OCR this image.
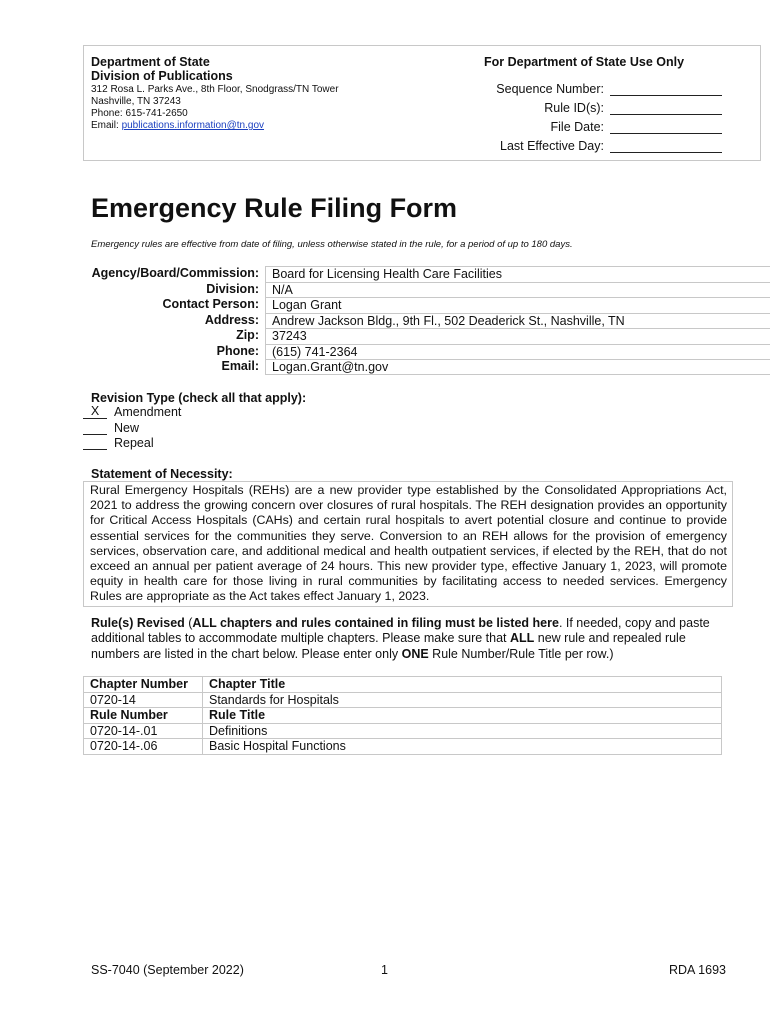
Department of State
Division of Publications
312 Rosa L. Parks Ave., 8th Floor, Snodgrass/TN Tower
Nashville, TN 37243
Phone: 615-741-2650
Email: publications.information@tn.gov
For Department of State Use Only
Sequence Number:
Rule ID(s):
File Date:
Last Effective Day:
Emergency Rule Filing Form
Emergency rules are effective from date of filing, unless otherwise stated in the rule, for a period of up to 180 days.
Agency/Board/Commission:	Board for Licensing Health Care Facilities
Division:	N/A
Contact Person:	Logan Grant
Address:	Andrew Jackson Bldg., 9th Fl., 502 Deaderick St., Nashville, TN
Zip:	37243
Phone:	(615) 741-2364
Email:	Logan.Grant@tn.gov
Revision Type (check all that apply):
X	Amendment
New
Repeal
Statement of Necessity:
Rural Emergency Hospitals (REHs) are a new provider type established by the Consolidated Appropriations Act, 2021 to address the growing concern over closures of rural hospitals. The REH designation provides an opportunity for Critical Access Hospitals (CAHs) and certain rural hospitals to avert potential closure and continue to provide essential services for the communities they serve. Conversion to an REH allows for the provision of emergency services, observation care, and additional medical and health outpatient services, if elected by the REH, that do not exceed an annual per patient average of 24 hours. This new provider type, effective January 1, 2023, will promote equity in health care for those living in rural communities by facilitating access to needed services. Emergency Rules are appropriate as the Act takes effect January 1, 2023.
Rule(s) Revised (ALL chapters and rules contained in filing must be listed here. If needed, copy and paste additional tables to accommodate multiple chapters. Please make sure that ALL new rule and repealed rule numbers are listed in the chart below. Please enter only ONE Rule Number/Rule Title per row.)
Chapter Number	Chapter Title
0720-14	Standards for Hospitals
Rule Number	Rule Title
0720-14-.01	Definitions
0720-14-.06	Basic Hospital Functions
SS-7040 (September 2022)	1	RDA 1693
